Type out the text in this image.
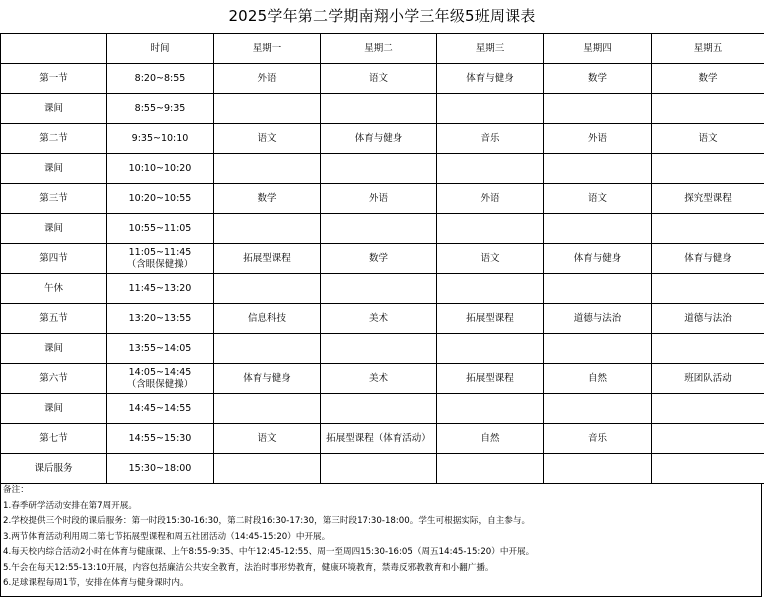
2025学年第二学期南翔小学三年级5班周课表
	时间	星期一	星期二	星期三	星期四	星期五
第一节	8:20~8:55	外语	语文	体育与健身	数学	数学
课间	8:55~9:35					

第二节	9:35~10:10	语文	体育与健身	音乐	外语	语文
课间	10:10~10:20					

第三节	10:20~10:55	数学	外语	外语	语文	探究型课程
课间	10:55~11:05					

第四节	11:05~11:45
（含眼保健操）	拓展型课程	数学	语文	体育与健身	体育与健身
午休	11:45~13:20					

第五节	13:20~13:55	信息科技	美术	拓展型课程	道德与法治	道德与法治
课间	13:55~14:05					

第六节	14:05~14:45
（含眼保健操）	体育与健身	美术	拓展型课程	自然	班团队活动
课间	14:45~14:55					

第七节	14:55~15:30	语文	拓展型课程（体育活动）	自然	音乐	
课后服务	15:30~18:00					

备注：
1.春季研学活动安排在第7周开展。
2.学校提供三个时段的课后服务：第一时段15:30-16:30，第二时段16:30-17:30，第三时段17:30-18:00。学生可根据实际，自主参与。
3.两节体育活动利用周二第七节拓展型课程和周五社团活动（14:45-15:20）中开展。
4.每天校内综合活动2小时在体育与健康课、上午8:55-9:35、中午12:45-12:55、周一至周四15:30-16:05（周五14:45-15:20）中开展。
5.午会在每天12:55-13:10开展，内容包括廉洁公共安全教育，法治时事形势教育，健康环境教育，禁毒反邪教教育和小翻广播。
6.足球课程每周1节，安排在体育与健身课时内。
